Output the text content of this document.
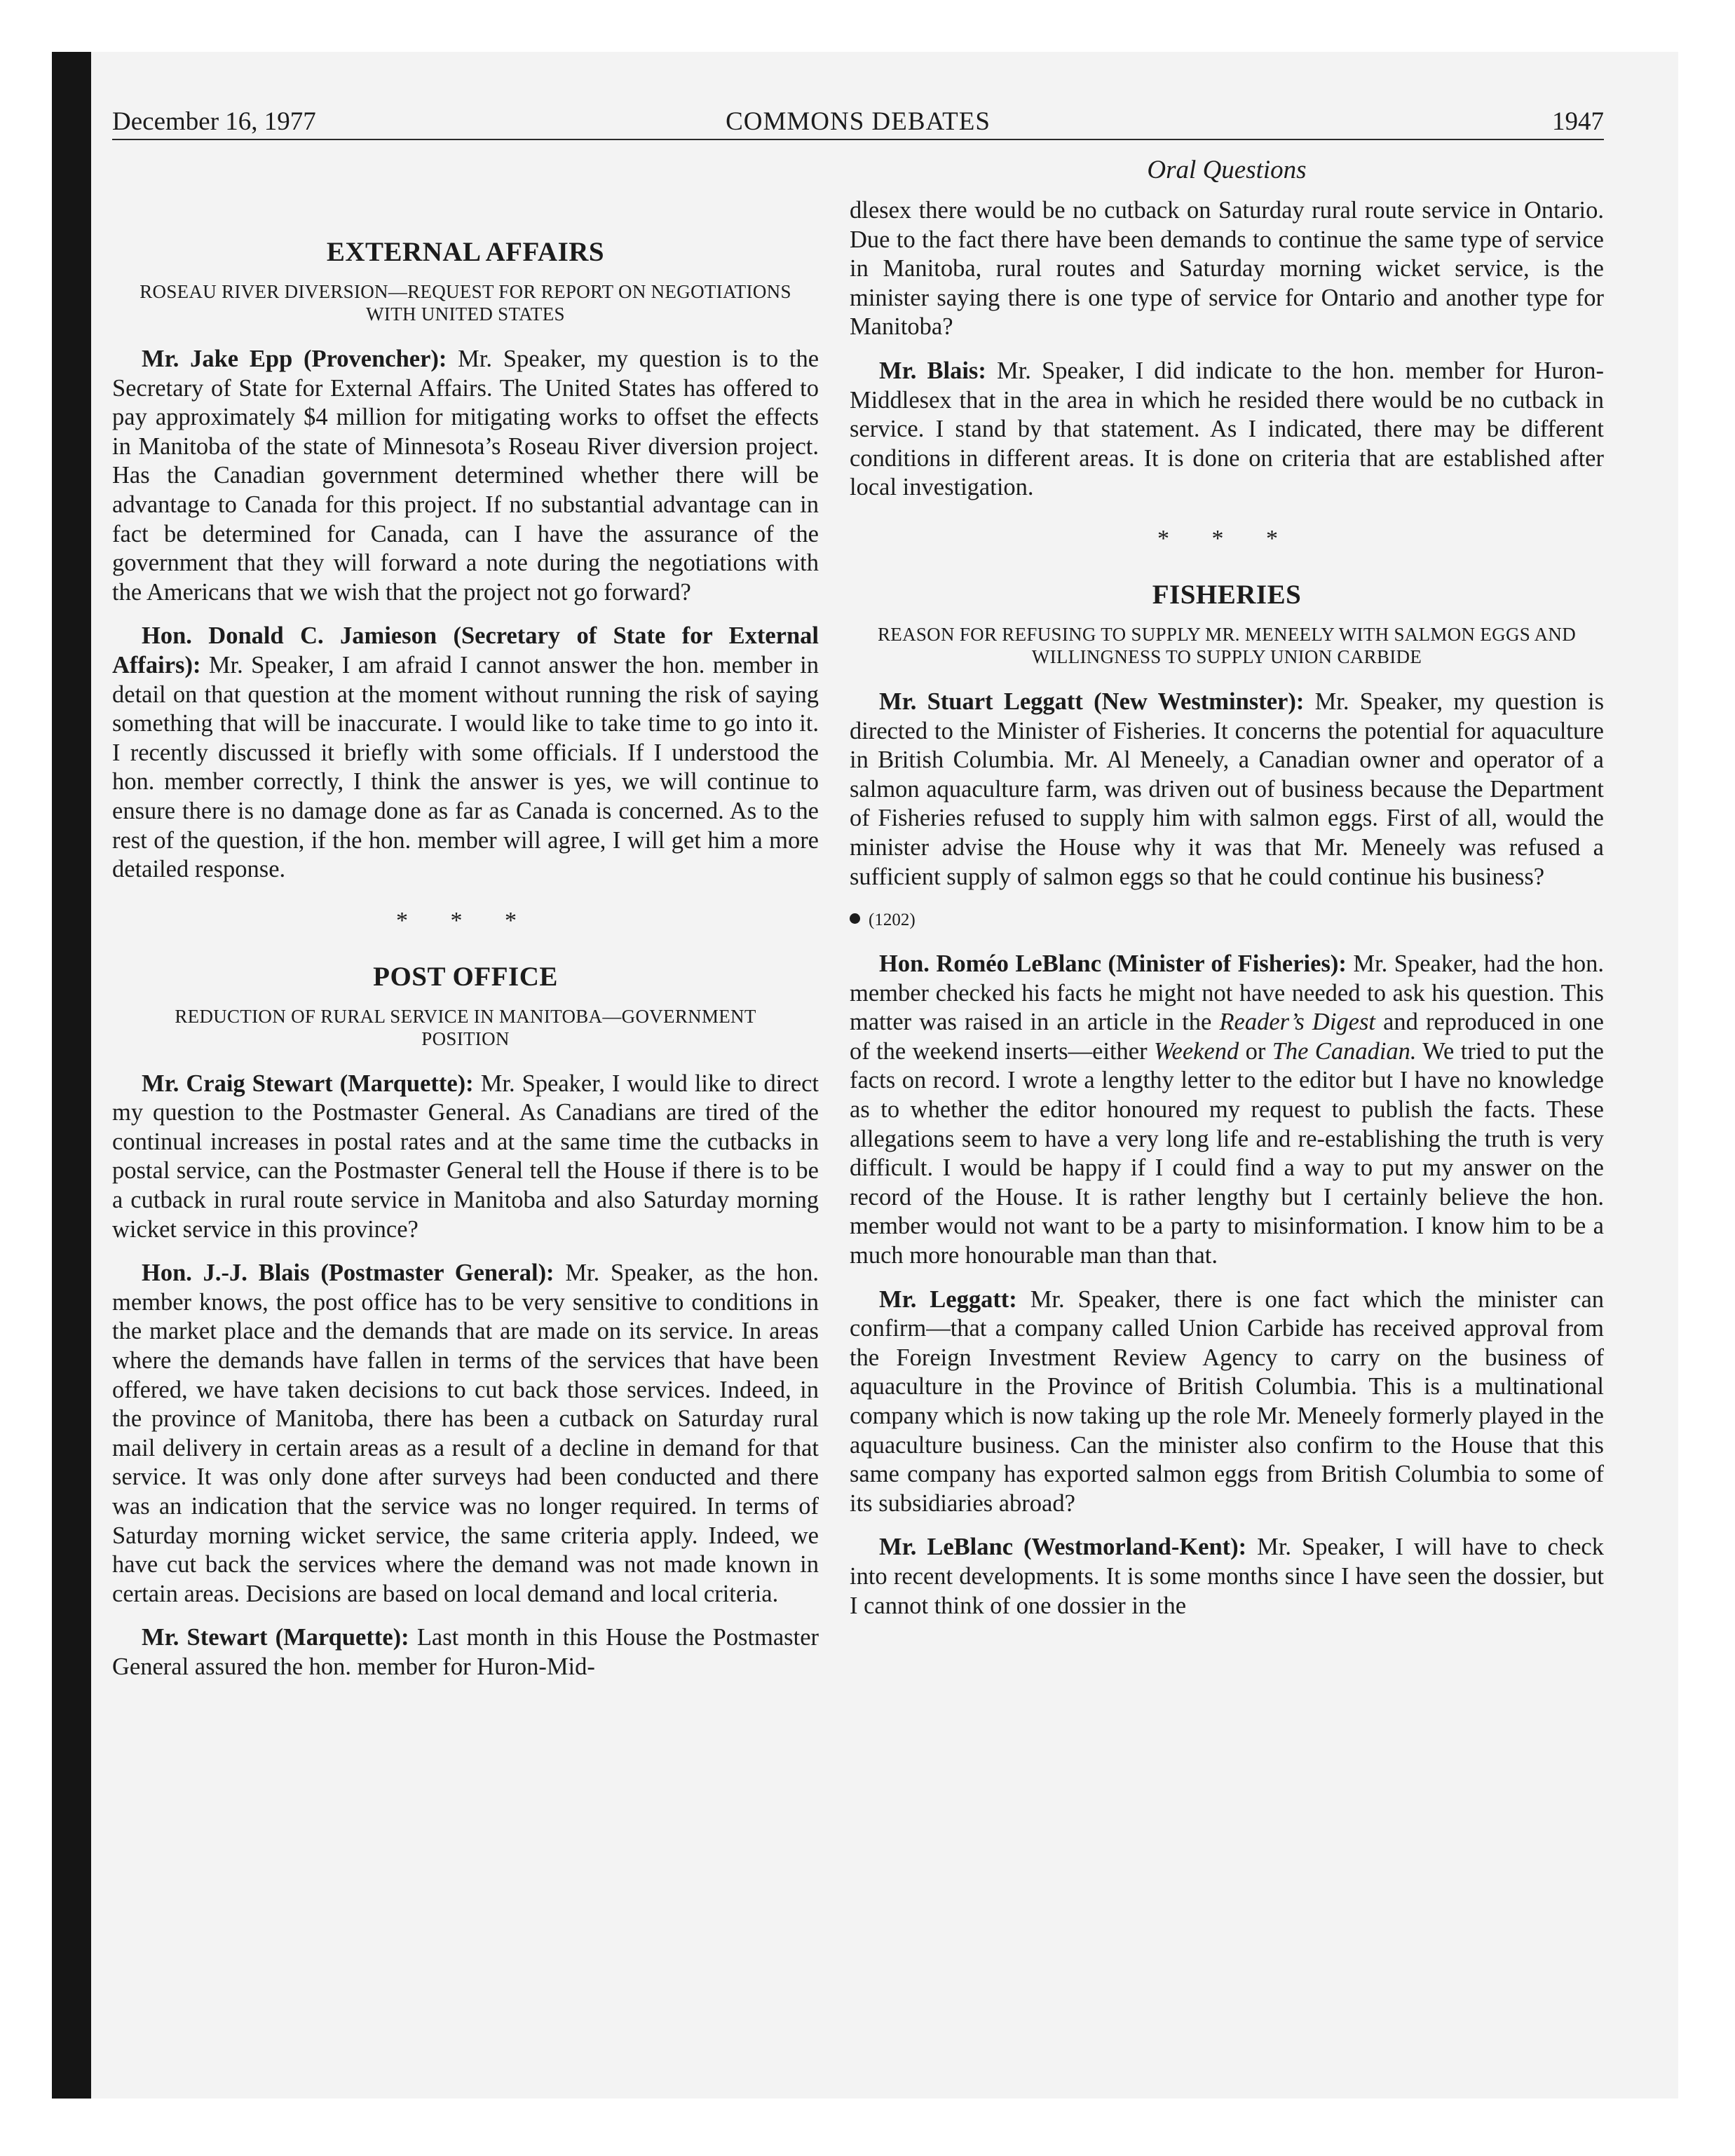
December 16, 1977	COMMONS DEBATES	1947
Oral Questions
EXTERNAL AFFAIRS
ROSEAU RIVER DIVERSION—REQUEST FOR REPORT ON NEGOTIATIONS WITH UNITED STATES

Mr. Jake Epp (Provencher): Mr. Speaker, my question is to the Secretary of State for External Affairs. The United States has offered to pay approximately $4 million for mitigating works to offset the effects in Manitoba of the state of Minnesota’s Roseau River diversion project. Has the Canadian government determined whether there will be advantage to Canada for this project. If no substantial advantage can in fact be determined for Canada, can I have the assurance of the government that they will forward a note during the negotiations with the Americans that we wish that the project not go forward?

Hon. Donald C. Jamieson (Secretary of State for External Affairs): Mr. Speaker, I am afraid I cannot answer the hon. member in detail on that question at the moment without running the risk of saying something that will be inaccurate. I would like to take time to go into it. I recently discussed it briefly with some officials. If I understood the hon. member correctly, I think the answer is yes, we will continue to ensure there is no damage done as far as Canada is concerned. As to the rest of the question, if the hon. member will agree, I will get him a more detailed response.

* * *
POST OFFICE
REDUCTION OF RURAL SERVICE IN MANITOBA—GOVERNMENT POSITION

Mr. Craig Stewart (Marquette): Mr. Speaker, I would like to direct my question to the Postmaster General. As Canadians are tired of the continual increases in postal rates and at the same time the cutbacks in postal service, can the Postmaster General tell the House if there is to be a cutback in rural route service in Manitoba and also Saturday morning wicket service in this province?

Hon. J.-J. Blais (Postmaster General): Mr. Speaker, as the hon. member knows, the post office has to be very sensitive to conditions in the market place and the demands that are made on its service. In areas where the demands have fallen in terms of the services that have been offered, we have taken decisions to cut back those services. Indeed, in the province of Manitoba, there has been a cutback on Saturday rural mail delivery in certain areas as a result of a decline in demand for that service. It was only done after surveys had been conducted and there was an indication that the service was no longer required. In terms of Saturday morning wicket service, the same criteria apply. Indeed, we have cut back the services where the demand was not made known in certain areas. Decisions are based on local demand and local criteria.

Mr. Stewart (Marquette): Last month in this House the Postmaster General assured the hon. member for Huron-Mid-

dlesex there would be no cutback on Saturday rural route service in Ontario. Due to the fact there have been demands to continue the same type of service in Manitoba, rural routes and Saturday morning wicket service, is the minister saying there is one type of service for Ontario and another type for Manitoba?

Mr. Blais: Mr. Speaker, I did indicate to the hon. member for Huron-Middlesex that in the area in which he resided there would be no cutback in service. I stand by that statement. As I indicated, there may be different conditions in different areas. It is done on criteria that are established after local investigation.

* * *
FISHERIES
REASON FOR REFUSING TO SUPPLY MR. MENEELY WITH SALMON EGGS AND WILLINGNESS TO SUPPLY UNION CARBIDE

Mr. Stuart Leggatt (New Westminster): Mr. Speaker, my question is directed to the Minister of Fisheries. It concerns the potential for aquaculture in British Columbia. Mr. Al Meneely, a Canadian owner and operator of a salmon aquaculture farm, was driven out of business because the Department of Fisheries refused to supply him with salmon eggs. First of all, would the minister advise the House why it was that Mr. Meneely was refused a sufficient supply of salmon eggs so that he could continue his business?

(1202)

Hon. Roméo LeBlanc (Minister of Fisheries): Mr. Speaker, had the hon. member checked his facts he might not have needed to ask his question. This matter was raised in an article in the Reader’s Digest and reproduced in one of the weekend inserts—either Weekend or The Canadian. We tried to put the facts on record. I wrote a lengthy letter to the editor but I have no knowledge as to whether the editor honoured my request to publish the facts. These allegations seem to have a very long life and re-establishing the truth is very difficult. I would be happy if I could find a way to put my answer on the record of the House. It is rather lengthy but I certainly believe the hon. member would not want to be a party to misinformation. I know him to be a much more honourable man than that.

Mr. Leggatt: Mr. Speaker, there is one fact which the minister can confirm—that a company called Union Carbide has received approval from the Foreign Investment Review Agency to carry on the business of aquaculture in the Province of British Columbia. This is a multinational company which is now taking up the role Mr. Meneely formerly played in the aquaculture business. Can the minister also confirm to the House that this same company has exported salmon eggs from British Columbia to some of its subsidiaries abroad?

Mr. LeBlanc (Westmorland-Kent): Mr. Speaker, I will have to check into recent developments. It is some months since I have seen the dossier, but I cannot think of one dossier in the
